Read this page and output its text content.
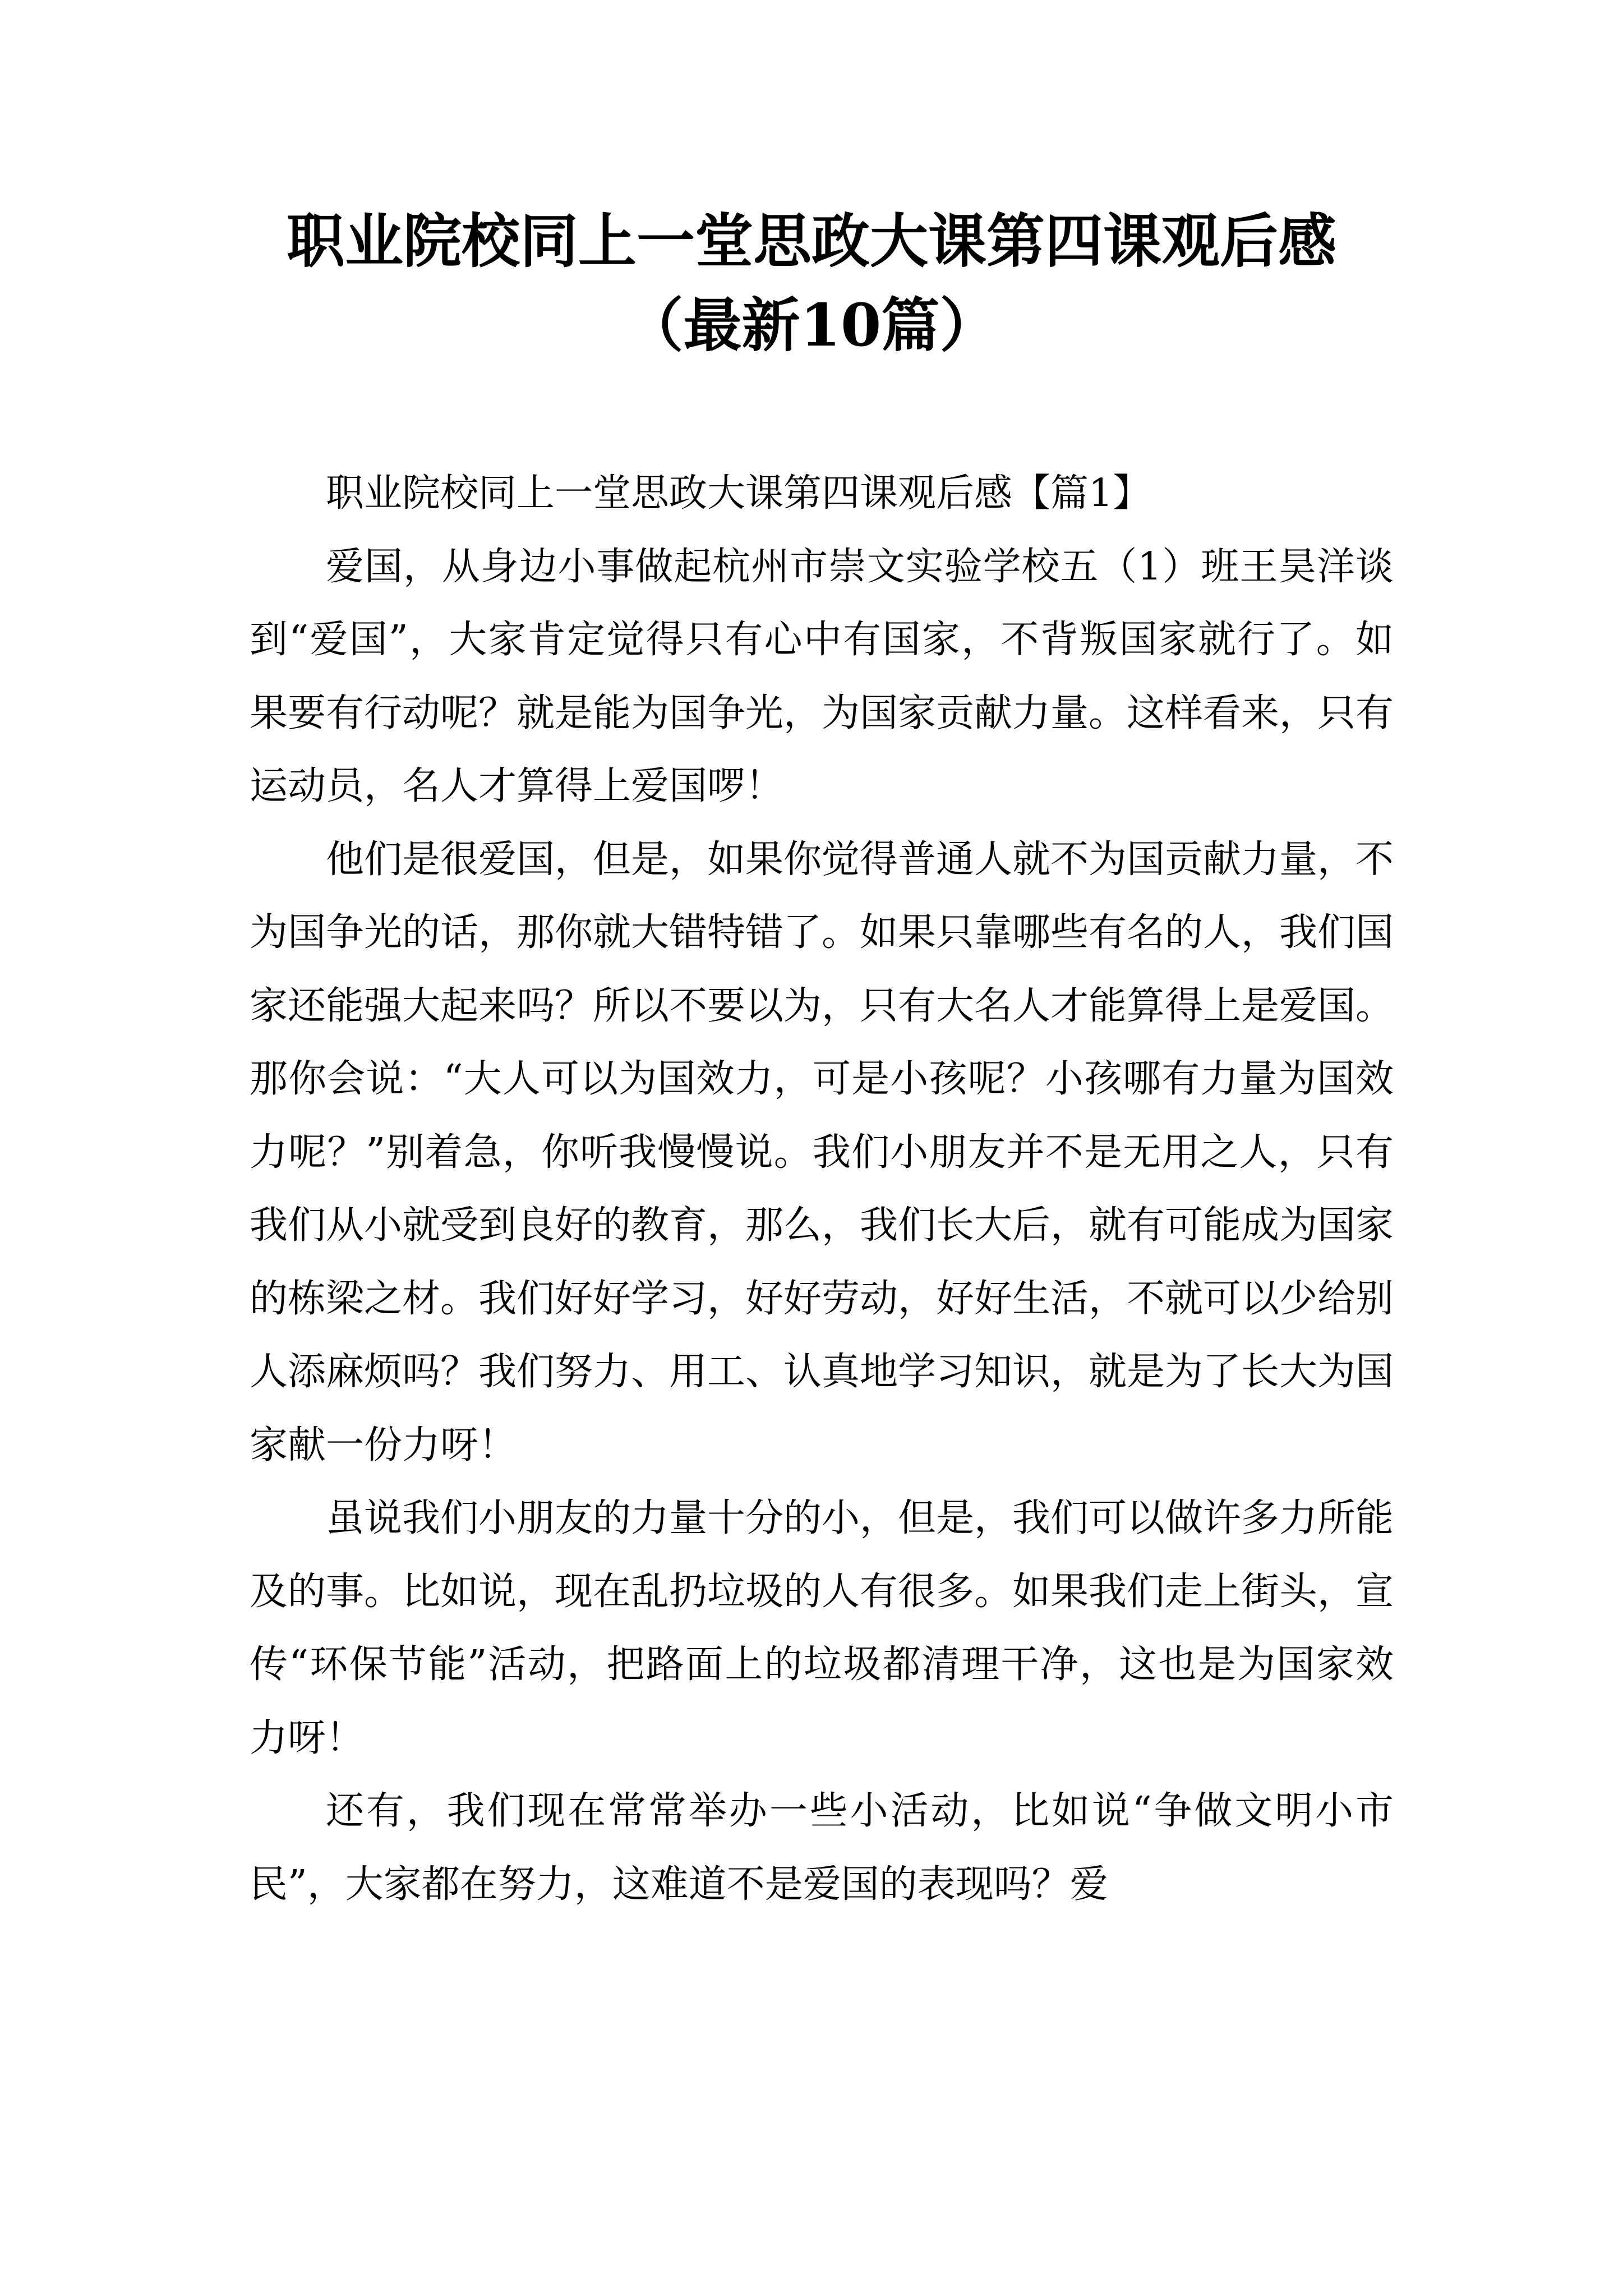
职业院校同上一堂思政大课第四课观后感
（最新10篇）

职业院校同上一堂思政大课第四课观后感【篇1】

爱国，从身边小事做起杭州市崇文实验学校五（1）班王昊洋谈到“爱国”，大家肯定觉得只有心中有国家，不背叛国家就行了。如果要有行动呢？就是能为国争光，为国家贡献力量。这样看来，只有运动员，名人才算得上爱国啰！

他们是很爱国，但是，如果你觉得普通人就不为国贡献力量，不为国争光的话，那你就大错特错了。如果只靠哪些有名的人，我们国家还能强大起来吗？所以不要以为，只有大名人才能算得上是爱国。那你会说：“大人可以为国效力，可是小孩呢？小孩哪有力量为国效力呢？”别着急，你听我慢慢说。我们小朋友并不是无用之人，只有我们从小就受到良好的教育，那么，我们长大后，就有可能成为国家的栋梁之材。我们好好学习，好好劳动，好好生活，不就可以少给别人添麻烦吗？我们努力、用工、认真地学习知识，就是为了长大为国家献一份力呀！

虽说我们小朋友的力量十分的小，但是，我们可以做许多力所能及的事。比如说，现在乱扔垃圾的人有很多。如果我们走上街头，宣传“环保节能”活动，把路面上的垃圾都清理干净，这也是为国家效力呀！

还有，我们现在常常举办一些小活动，比如说“争做文明小市民”，大家都在努力，这难道不是爱国的表现吗？爱
